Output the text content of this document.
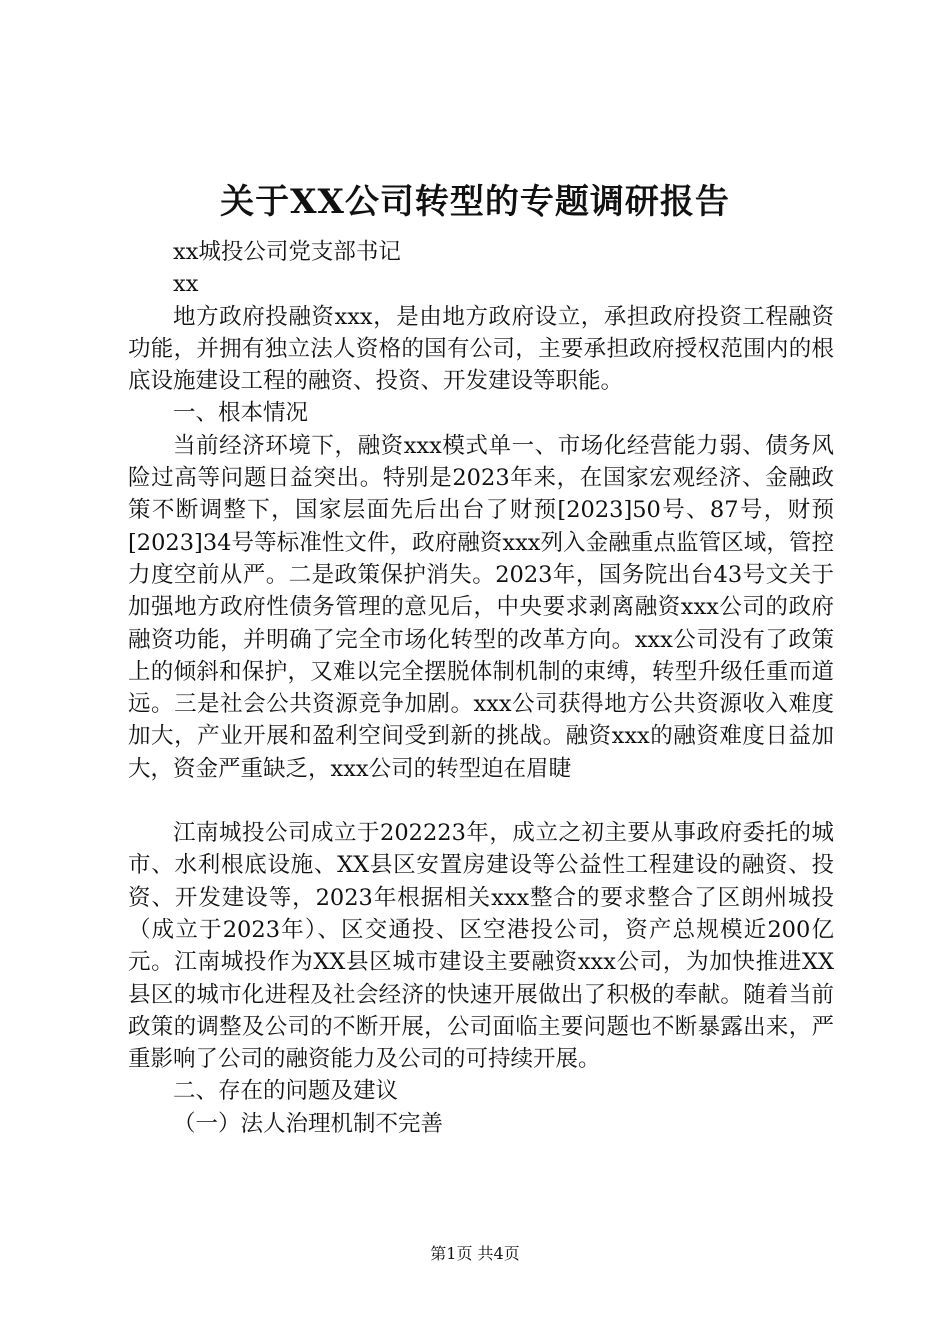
关于XX公司转型的专题调研报告

xx城投公司党支部书记

xx

地方政府投融资xxx，是由地方政府设立，承担政府投资工程融资功能，并拥有独立法人资格的国有公司，主要承担政府授权范围内的根底设施建设工程的融资、投资、开发建设等职能。

一、根本情况

当前经济环境下，融资xxx模式单一、市场化经营能力弱、债务风险过高等问题日益突出。特别是2023年来，在国家宏观经济、金融政策不断调整下，国家层面先后出台了财预[2023]50号、87号，财预[2023]34号等标准性文件，政府融资xxx列入金融重点监管区域，管控力度空前从严。二是政策保护消失。2023年，国务院出台43号文关于加强地方政府性债务管理的意见后，中央要求剥离融资xxx公司的政府融资功能，并明确了完全市场化转型的改革方向。xxx公司没有了政策上的倾斜和保护，又难以完全摆脱体制机制的束缚，转型升级任重而道远。三是社会公共资源竞争加剧。xxx公司获得地方公共资源收入难度加大，产业开展和盈利空间受到新的挑战。融资xxx的融资难度日益加大，资金严重缺乏，xxx公司的转型迫在眉睫

江南城投公司成立于202223年，成立之初主要从事政府委托的城市、水利根底设施、XX县区安置房建设等公益性工程建设的融资、投资、开发建设等，2023年根据相关xxx整合的要求整合了区朗州城投（成立于2023年）、区交通投、区空港投公司，资产总规模近200亿元。江南城投作为XX县区城市建设主要融资xxx公司，为加快推进XX县区的城市化进程及社会经济的快速开展做出了积极的奉献。随着当前政策的调整及公司的不断开展，公司面临主要问题也不断暴露出来，严重影响了公司的融资能力及公司的可持续开展。

二、存在的问题及建议

（一）法人治理机制不完善

第1页 共4页
